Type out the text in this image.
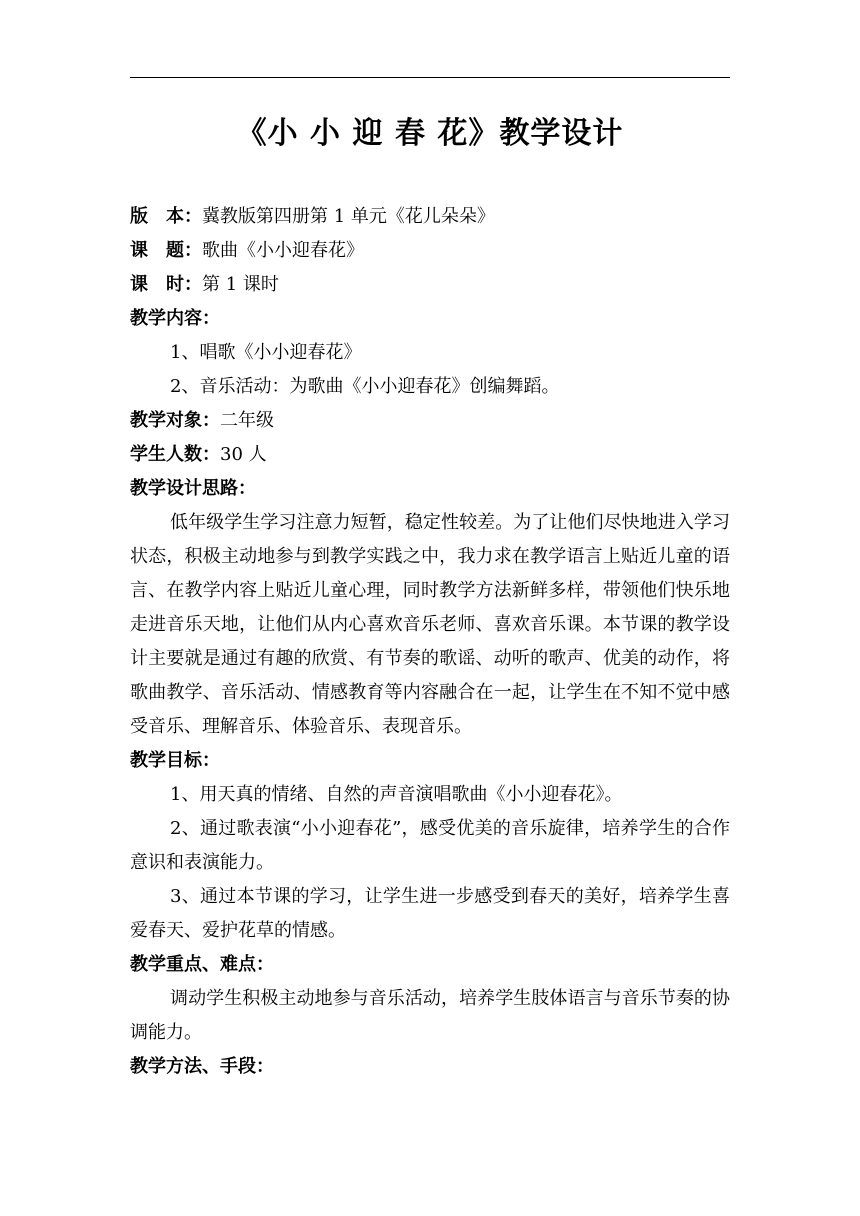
《小 小 迎 春 花》教学设计
版　本：冀教版第四册第 1 单元《花儿朵朵》
课　题：歌曲《小小迎春花》
课　时：第 1 课时
教学内容：
1、唱歌《小小迎春花》
2、音乐活动：为歌曲《小小迎春花》创编舞蹈。
教学对象：二年级
学生人数：30 人
教学设计思路：
低年级学生学习注意力短暂，稳定性较差。为了让他们尽快地进入学习状态，积极主动地参与到教学实践之中，我力求在教学语言上贴近儿童的语言、在教学内容上贴近儿童心理，同时教学方法新鲜多样，带领他们快乐地走进音乐天地，让他们从内心喜欢音乐老师、喜欢音乐课。本节课的教学设计主要就是通过有趣的欣赏、有节奏的歌谣、动听的歌声、优美的动作，将歌曲教学、音乐活动、情感教育等内容融合在一起，让学生在不知不觉中感受音乐、理解音乐、体验音乐、表现音乐。
教学目标：
1、用天真的情绪、自然的声音演唱歌曲《小小迎春花》。
2、通过歌表演“小小迎春花”，感受优美的音乐旋律，培养学生的合作意识和表演能力。
3、通过本节课的学习，让学生进一步感受到春天的美好，培养学生喜爱春天、爱护花草的情感。
教学重点、难点：
调动学生积极主动地参与音乐活动，培养学生肢体语言与音乐节奏的协调能力。
教学方法、手段：
